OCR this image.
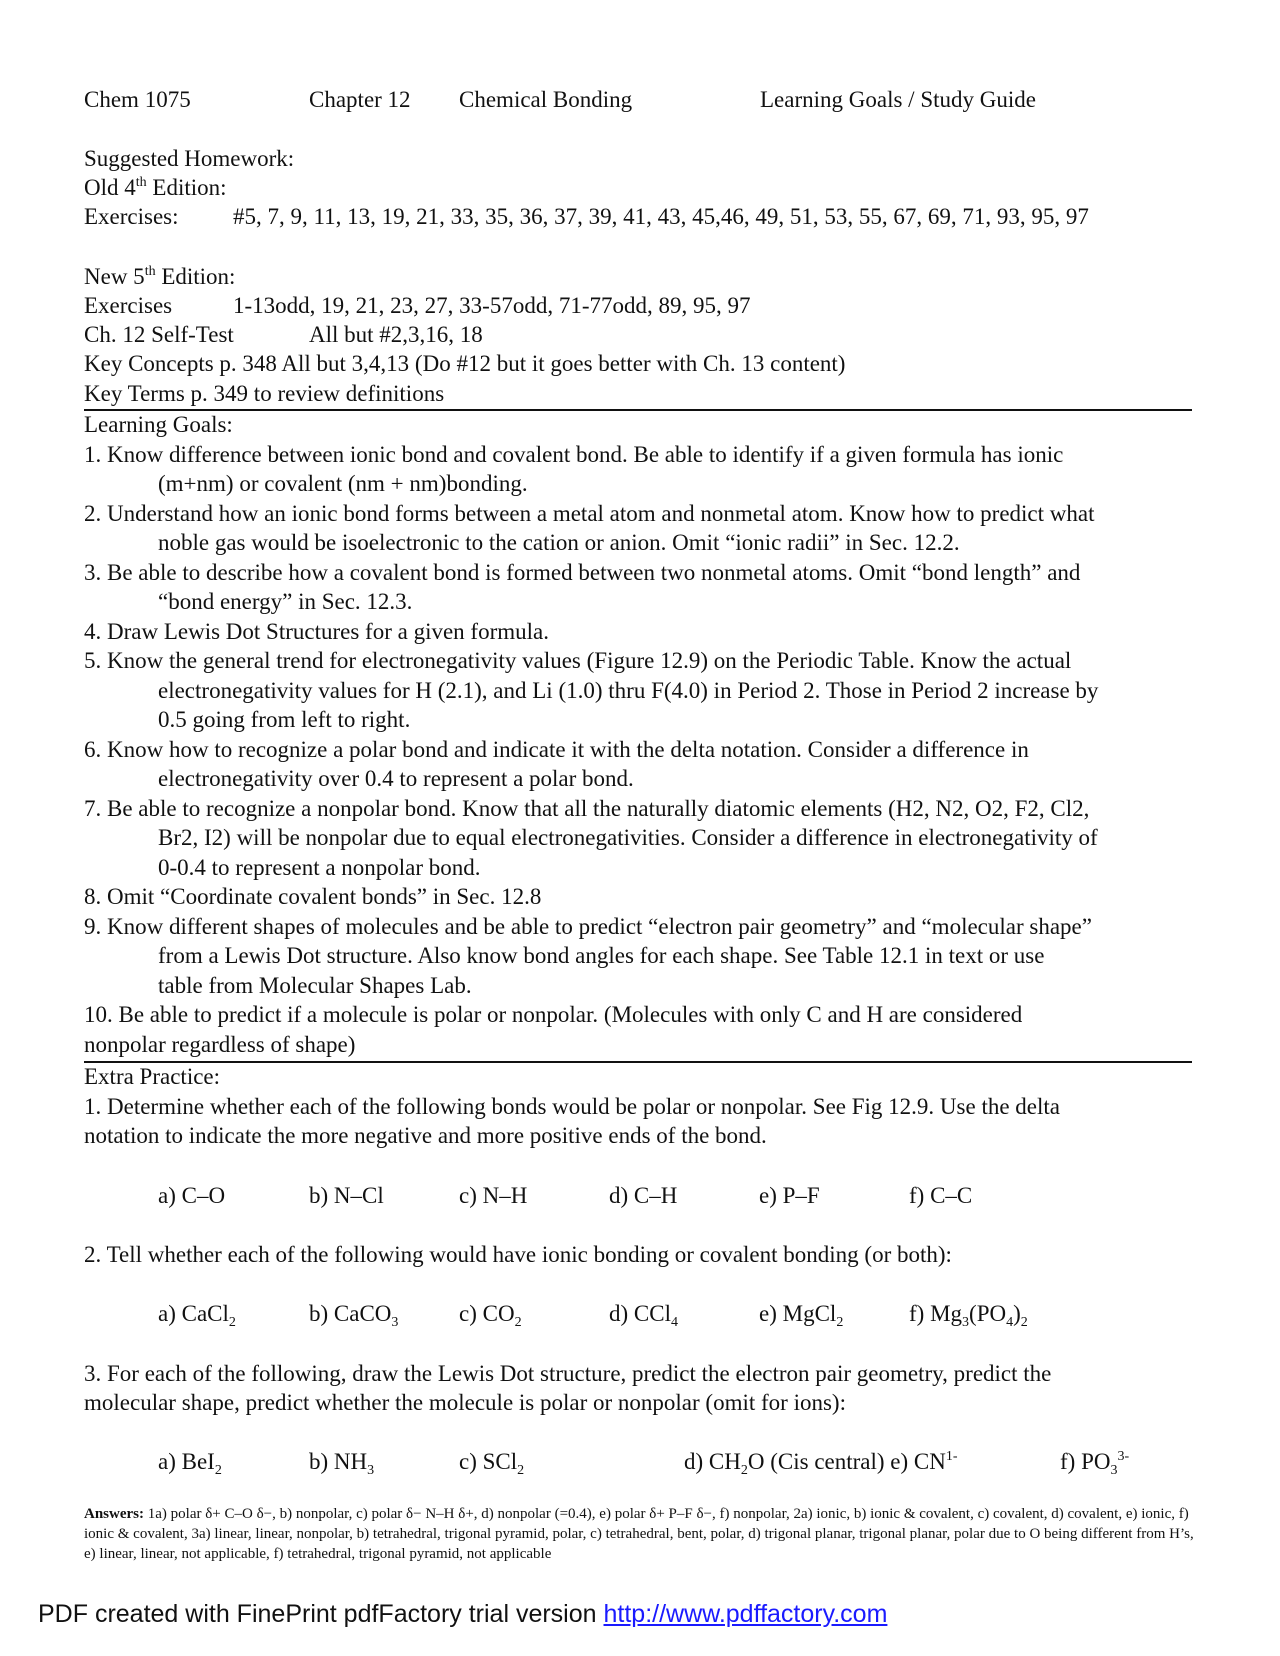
Chem 1075	Chapter 12 Chemical Bonding	Learning Goals / Study Guide
Suggested Homework:
Old 4th Edition:
Exercises: #5, 7, 9, 11, 13, 19, 21, 33, 35, 36, 37, 39, 41, 43, 45,46, 49, 51, 53, 55, 67, 69, 71, 93, 95, 97
New 5th Edition:
Exercises	1-13odd, 19, 21, 23, 27, 33-57odd, 71-77odd, 89, 95, 97
Ch. 12 Self-Test	All but #2,3,16, 18
Key Concepts p. 348 All but 3,4,13 (Do #12 but it goes better with Ch. 13 content)
Key Terms p. 349 to review definitions
Learning Goals:
1. Know difference between ionic bond and covalent bond. Be able to identify if a given formula has ionic
(m+nm) or covalent (nm + nm)bonding.
2. Understand how an ionic bond forms between a metal atom and nonmetal atom. Know how to predict what
noble gas would be isoelectronic to the cation or anion. Omit “ionic radii” in Sec. 12.2.
3. Be able to describe how a covalent bond is formed between two nonmetal atoms. Omit “bond length” and
“bond energy” in Sec. 12.3.
4. Draw Lewis Dot Structures for a given formula.
5. Know the general trend for electronegativity values (Figure 12.9) on the Periodic Table. Know the actual
electronegativity values for H (2.1), and Li (1.0) thru F(4.0) in Period 2. Those in Period 2 increase by
0.5 going from left to right.
6. Know how to recognize a polar bond and indicate it with the delta notation. Consider a difference in
electronegativity over 0.4 to represent a polar bond.
7. Be able to recognize a nonpolar bond. Know that all the naturally diatomic elements (H2, N2, O2, F2, Cl2,
Br2, I2) will be nonpolar due to equal electronegativities. Consider a difference in electronegativity of
0-0.4 to represent a nonpolar bond.
8. Omit “Coordinate covalent bonds” in Sec. 12.8
9. Know different shapes of molecules and be able to predict “electron pair geometry” and “molecular shape”
from a Lewis Dot structure. Also know bond angles for each shape. See Table 12.1 in text or use
table from Molecular Shapes Lab.
10. Be able to predict if a molecule is polar or nonpolar. (Molecules with only C and H are considered
nonpolar regardless of shape)
Extra Practice:
1. Determine whether each of the following bonds would be polar or nonpolar. See Fig 12.9. Use the delta
notation to indicate the more negative and more positive ends of the bond.
a) C–O	b) N–Cl	c) N–H	d) C–H	e) P–F	f) C–C
2. Tell whether each of the following would have ionic bonding or covalent bonding (or both):
a) CaCl$_2$	b) CaCO$_3$	c) $CO_2$	d) CCl$_4$	e) MgCl$_2$	f) $Mg_3(PO_4)_2$
3. For each of the following, draw the Lewis Dot structure, predict the electron pair geometry, predict the
molecular shape, predict whether the molecule is polar or nonpolar (omit for ions):
a) BeI$_2$	b) $NH_3$	c) SCl$_2$	d) $CH_2O$ (Cis central) e) $CN^{1-}$	f) $PO_3^{3-}$
Answers: 1a) polar δ+ C–O δ−, b) nonpolar, c) polar δ− N–H δ+, d) nonpolar (=0.4), e) polar δ+ P–F δ−, f) nonpolar, 2a) ionic, b) ionic & covalent, c) covalent, d) covalent, e) ionic, f) ionic & covalent, 3a) linear, linear, nonpolar, b) tetrahedral, trigonal pyramid, polar, c) tetrahedral, bent, polar, d) trigonal planar, trigonal planar, polar due to O being different from H’s, e) linear, linear, not applicable, f) tetrahedral, trigonal pyramid, not applicable
PDF created with FinePrint pdfFactory trial version http://www.pdffactory.com
